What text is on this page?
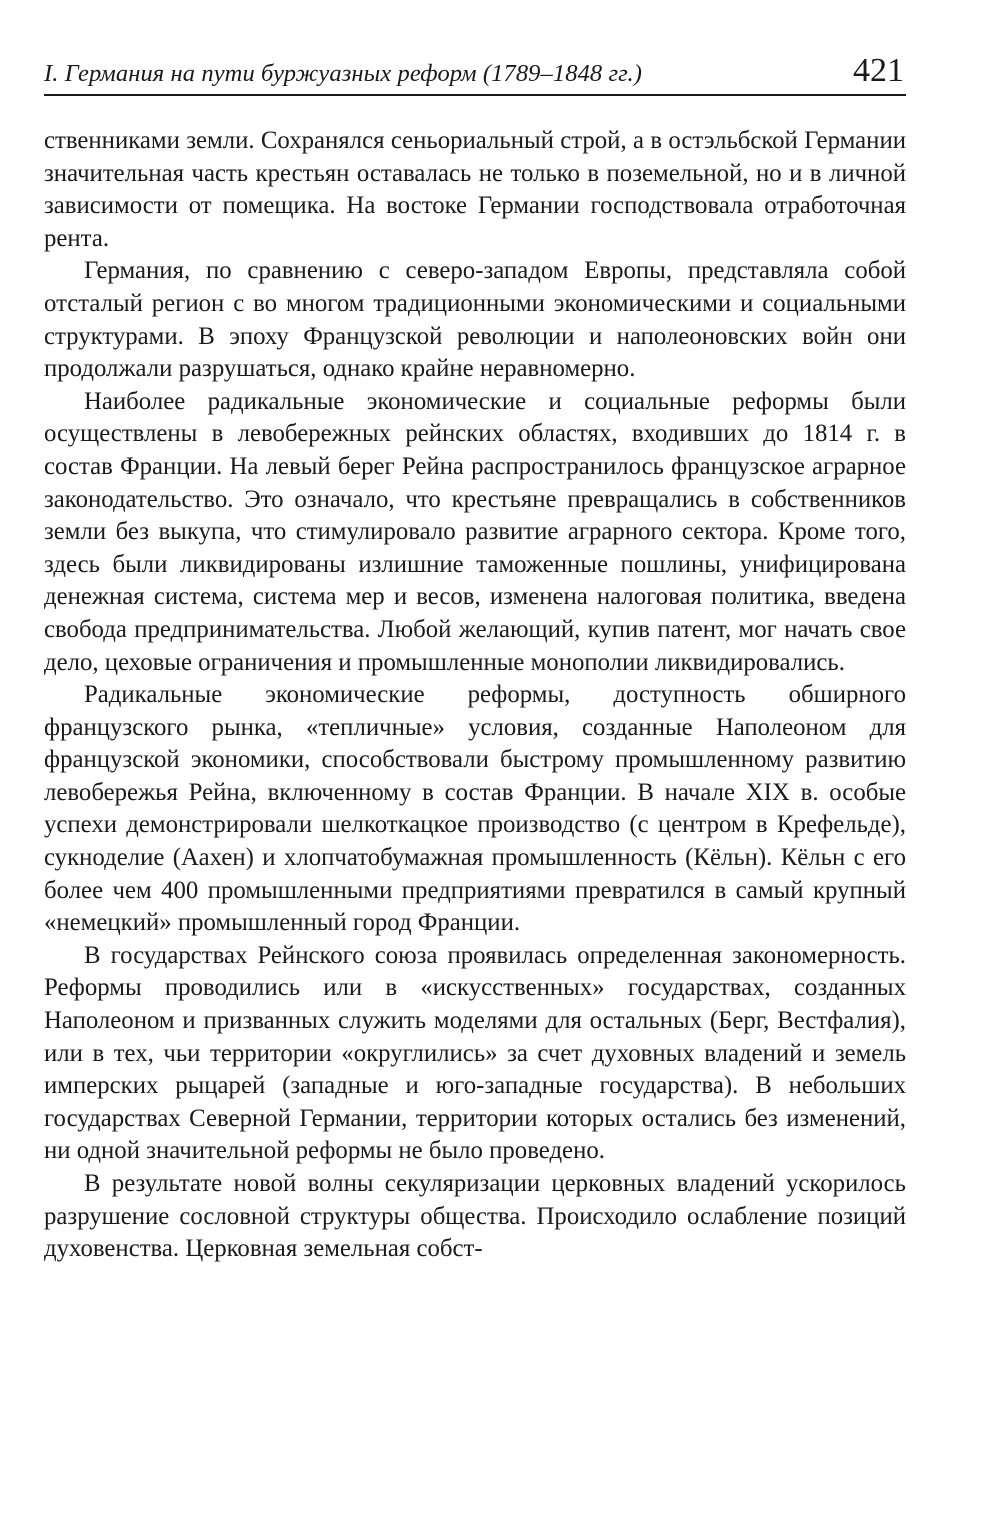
I. Германия на пути буржуазных реформ (1789–1848 гг.)	421

ственниками земли. Сохранялся сеньориальный строй, а в остэльбской Германии значительная часть крестьян оставалась не только в поземельной, но и в личной зависимости от помещика. На востоке Германии господствовала отработочная рента.

Германия, по сравнению с северо-западом Европы, представляла собой отсталый регион с во многом традиционными экономическими и социальными структурами. В эпоху Французской революции и наполеоновских войн они продолжали разрушаться, однако крайне неравномерно.

Наиболее радикальные экономические и социальные реформы были осуществлены в левобережных рейнских областях, входивших до 1814 г. в состав Франции. На левый берег Рейна распространилось французское аграрное законодательство. Это означало, что крестьяне превращались в собственников земли без выкупа, что стимулировало развитие аграрного сектора. Кроме того, здесь были ликвидированы излишние таможенные пошлины, унифицирована денежная система, система мер и весов, изменена налоговая политика, введена свобода предпринимательства. Любой желающий, купив патент, мог начать свое дело, цеховые ограничения и промышленные монополии ликвидировались.

Радикальные экономические реформы, доступность обширного французского рынка, «тепличные» условия, созданные Наполеоном для французской экономики, способствовали быстрому промышленному развитию левобережья Рейна, включенному в состав Франции. В начале XIX в. особые успехи демонстрировали шелкоткацкое производство (с центром в Крефельде), сукноделие (Аахен) и хлопчатобумажная промышленность (Кёльн). Кёльн с его более чем 400 промышленными предприятиями превратился в самый крупный «немецкий» промышленный город Франции.

В государствах Рейнского союза проявилась определенная закономерность. Реформы проводились или в «искусственных» государствах, созданных Наполеоном и призванных служить моделями для остальных (Берг, Вестфалия), или в тех, чьи территории «округлились» за счет духовных владений и земель имперских рыцарей (западные и юго-западные государства). В небольших государствах Северной Германии, территории которых остались без изменений, ни одной значительной реформы не было проведено.

В результате новой волны секуляризации церковных владений ускорилось разрушение сословной структуры общества. Происходило ослабление позиций духовенства. Церковная земельная собст-
